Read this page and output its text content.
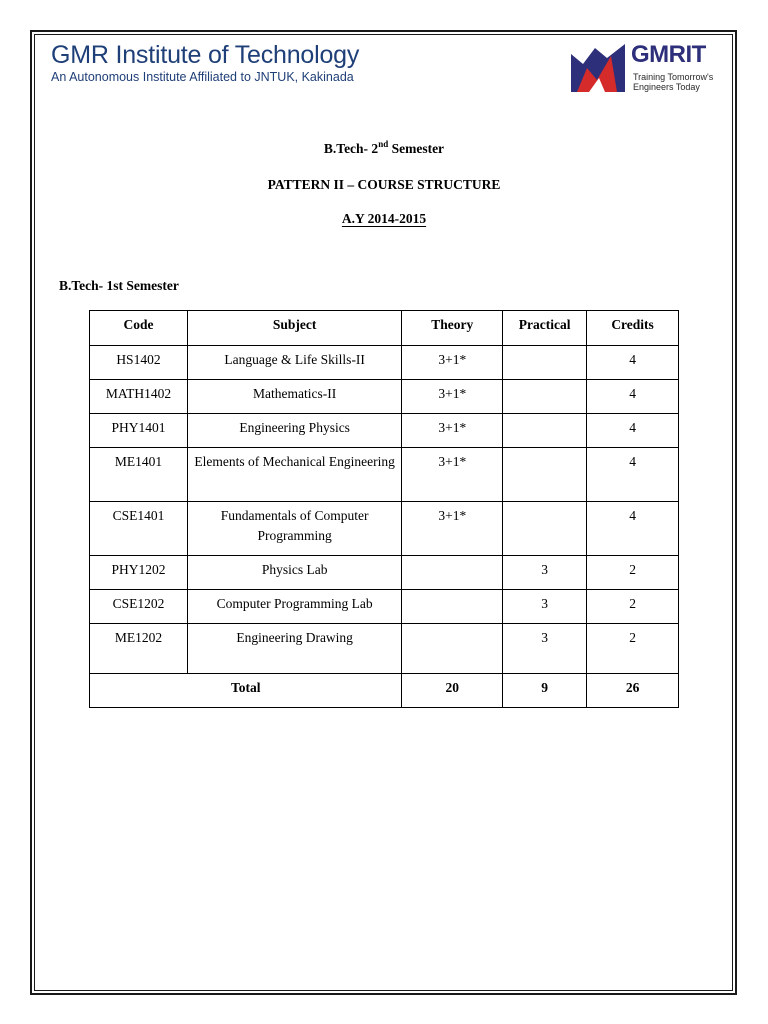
GMR Institute of Technology
An Autonomous Institute Affiliated to JNTUK, Kakinada
GMRIT
Training Tomorrow's
Engineers Today
B.Tech- 2nd Semester
PATTERN II – COURSE STRUCTURE
A.Y 2014-2015
B.Tech- 1st Semester
Code	Subject	Theory	Practical	Credits
HS1402	Language & Life Skills-II	3+1*		4
MATH1402	Mathematics-II	3+1*		4
PHY1401	Engineering Physics	3+1*		4
ME1401	Elements of Mechanical Engineering	3+1*		4
CSE1401	Fundamentals of Computer Programming	3+1*		4
PHY1202	Physics Lab		3	2
CSE1202	Computer Programming Lab		3	2
ME1202	Engineering Drawing		3	2
Total		20	9	26
